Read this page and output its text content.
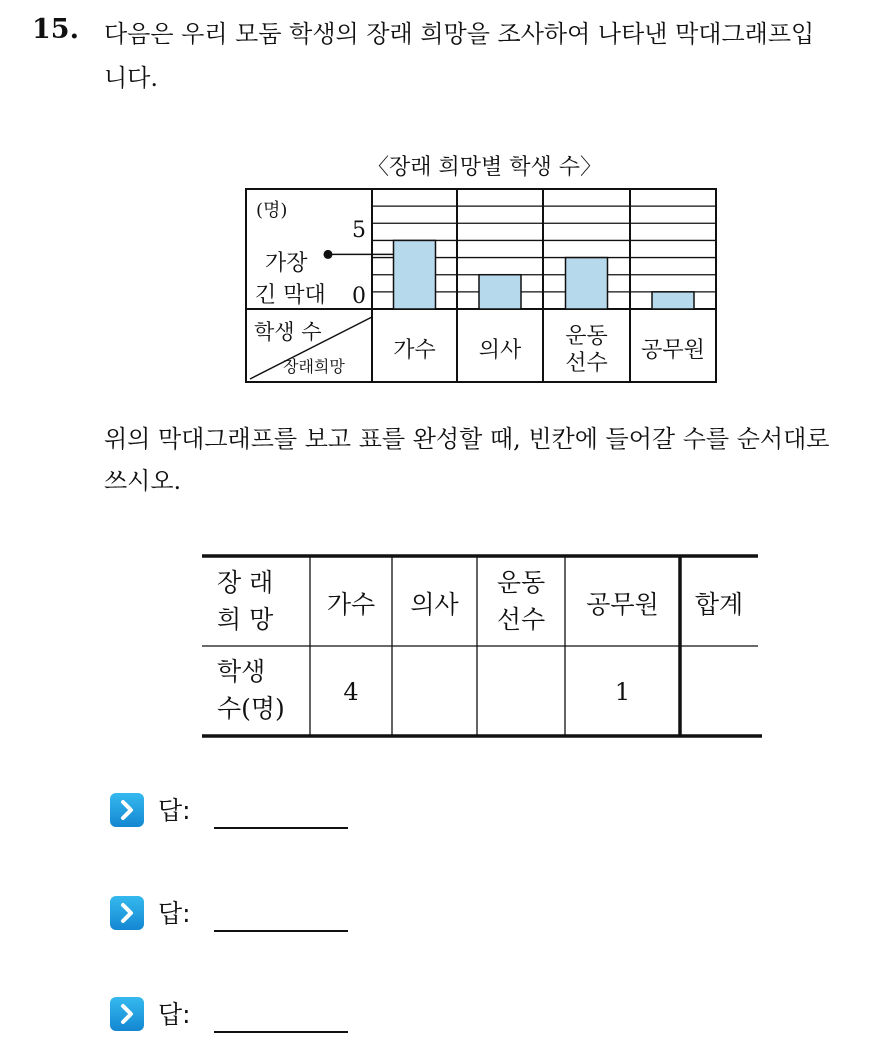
15. 다음은 우리 모둠 학생의 장래 희망을 조사하여 나타낸 막대그래프입
니다.
〈장래 희망별 학생 수〉
(명)
5
0
가장
긴 막대
학생 수
장래희망
가수 의사
운동
선수
공무원
위의 막대그래프를 보고 표를 완성할 때, 빈칸에 들어갈 수를 순서대로
쓰시오.
장 래
희 망
가수 의사
운동
선수
공무원 합계
학생
수(명)
4	1
답:
답:
답:
